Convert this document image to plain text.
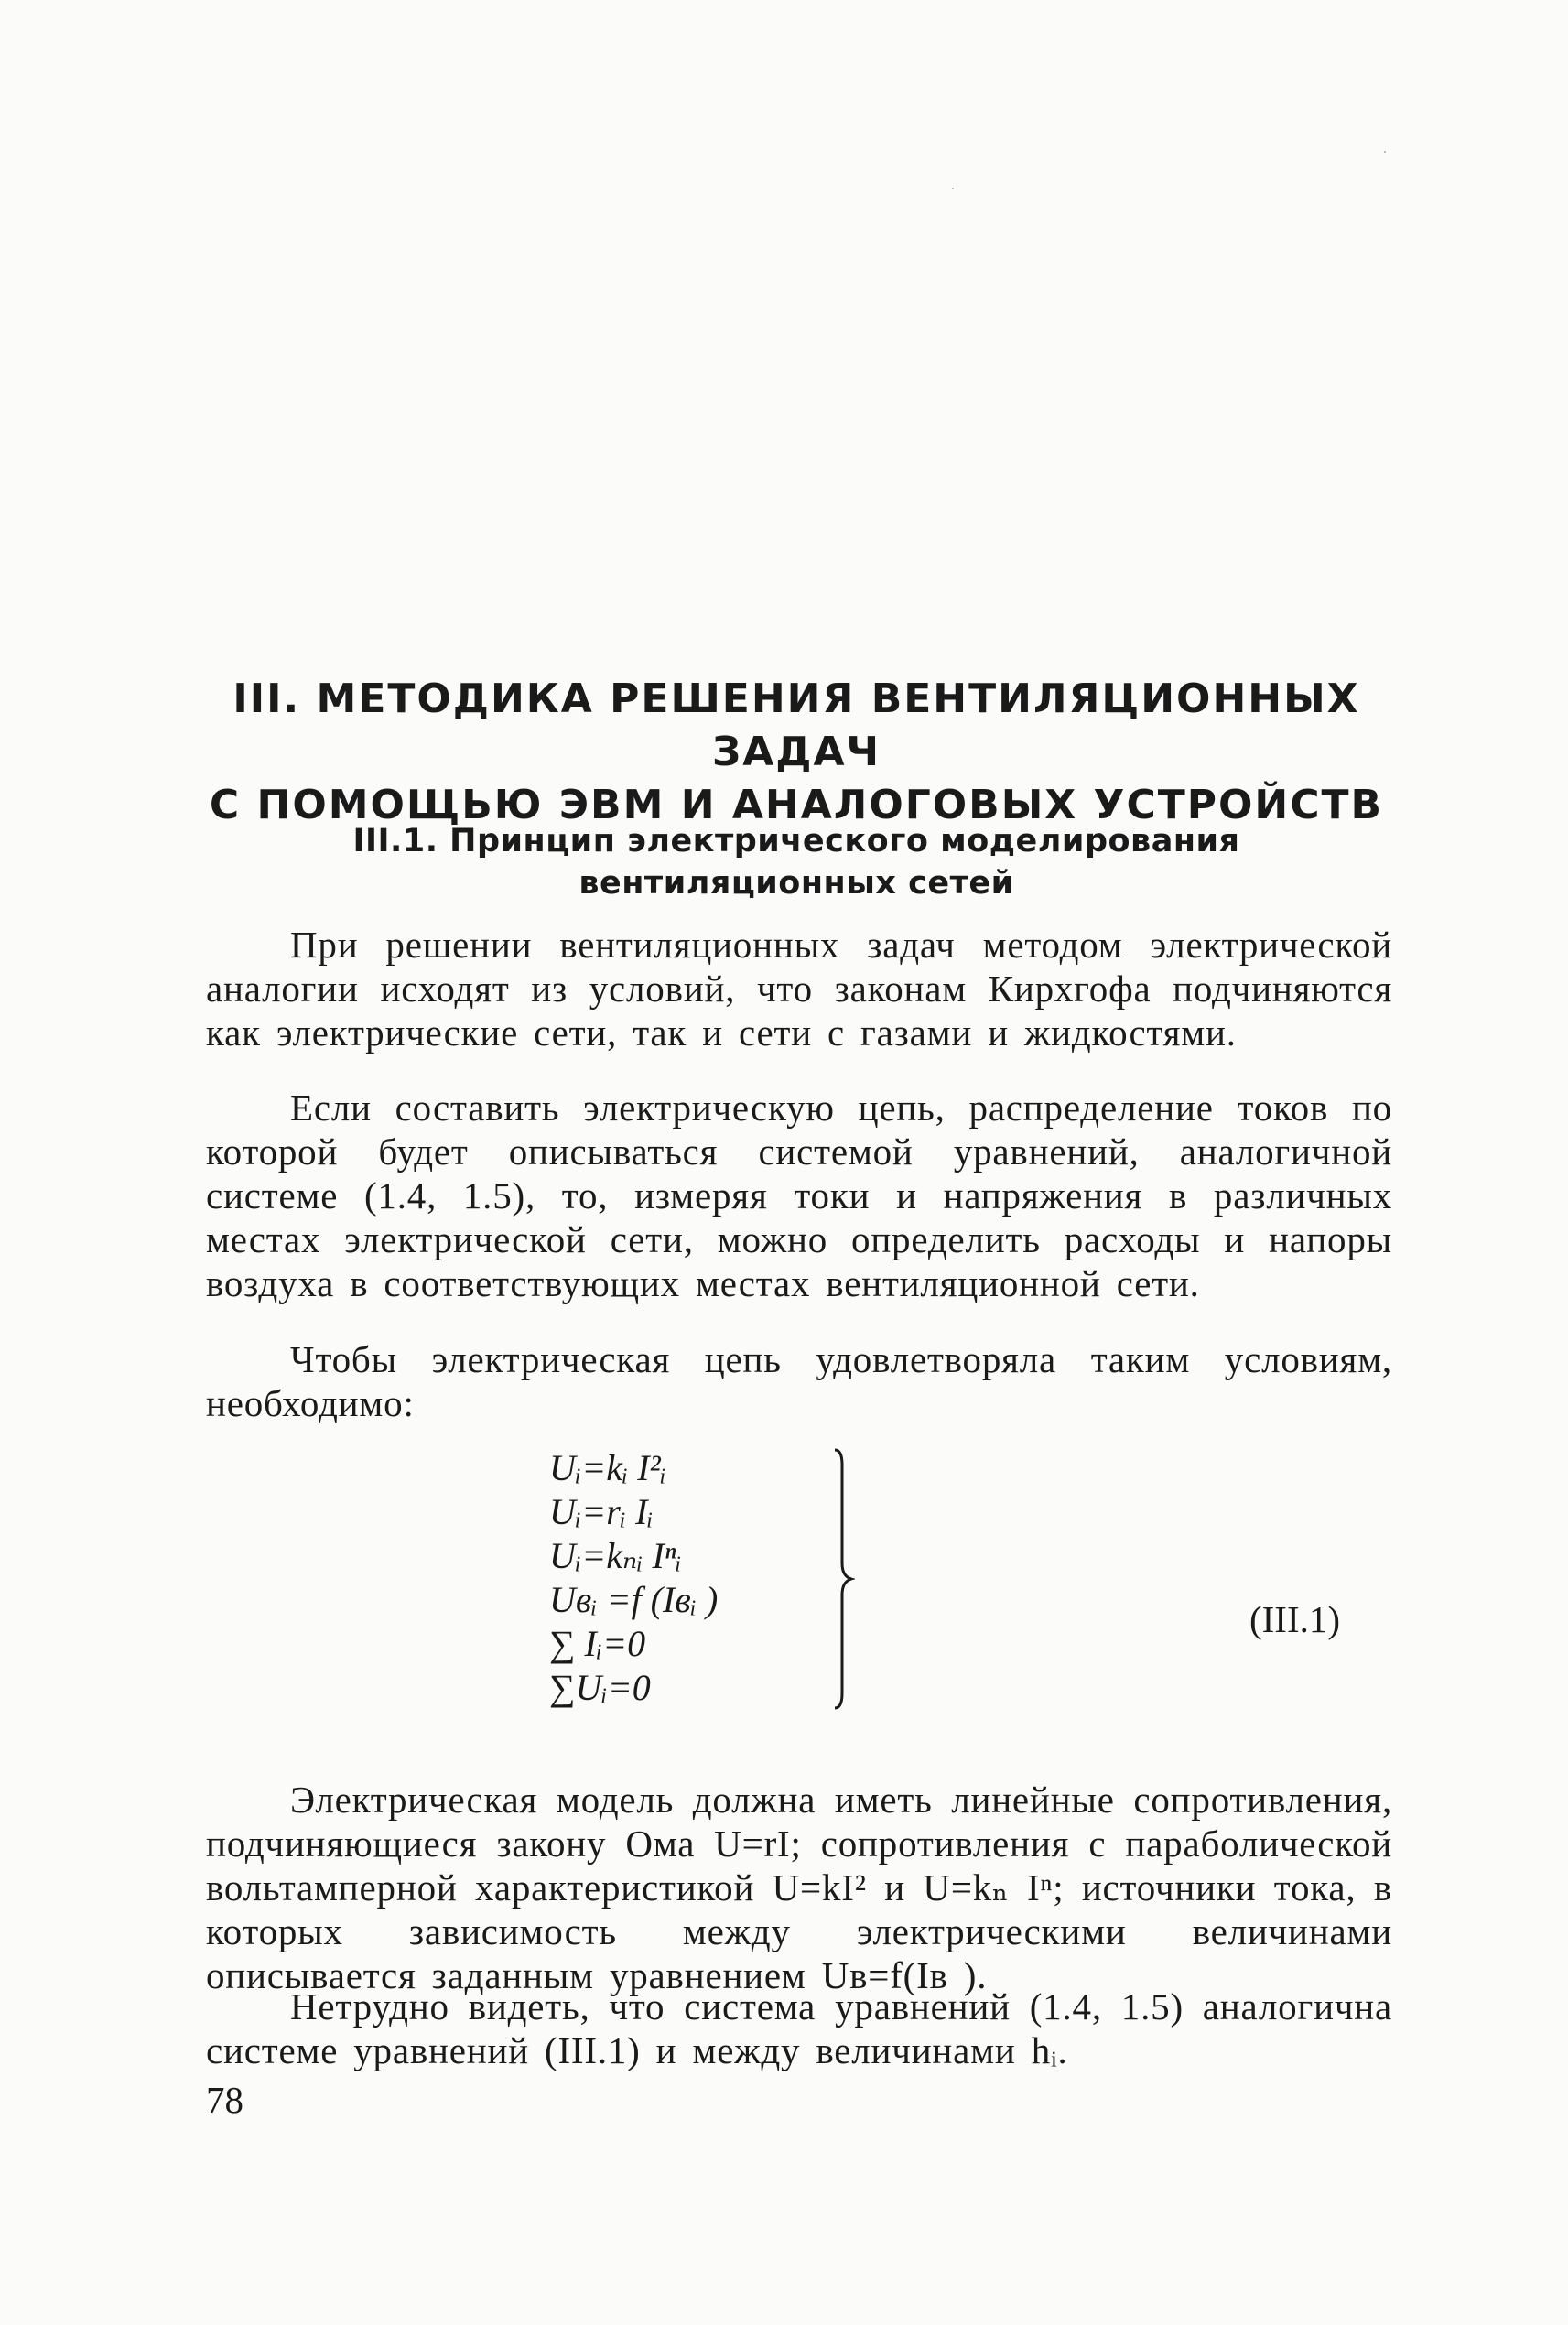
III. МЕТОДИКА РЕШЕНИЯ ВЕНТИЛЯЦИОННЫХ ЗАДАЧ
С ПОМОЩЬЮ ЭВМ И АНАЛОГОВЫХ УСТРОЙСТВ
III.1. Принцип электрического моделирования
вентиляционных сетей
При решении вентиляционных задач методом электрической аналогии исходят из условий, что законам Кирхгофа подчиняются как электрические сети, так и сети с газами и жидкостями.
Если составить электрическую цепь, распределение токов по которой будет описываться системой уравнений, аналогичной системе (1.4, 1.5), то, измеряя токи и напряжения в различных местах электрической сети, можно определить расходы и напоры воздуха в соответствующих местах вентиляционной сети.
Чтобы электрическая цепь удовлетворяла таким условиям, необходимо:
Uᵢ=kᵢ I²ᵢ
Uᵢ=rᵢ Iᵢ
Uᵢ=kₙᵢ Iⁿᵢ
Uвᵢ =f (Iвᵢ )
∑ Iᵢ=0
∑Uᵢ=0
(III.1)
Электрическая модель должна иметь линейные сопротивления, подчиняющиеся закону Ома U=rI; сопротивления с параболической вольтамперной характеристикой U=kI² и U=kₙ Iⁿ; источники тока, в которых зависимость между электрическими величинами описывается заданным уравнением Uв=f(Iв ).
Нетрудно видеть, что система уравнений (1.4, 1.5) аналогична системе уравнений (III.1) и между величинами hᵢ.
78
